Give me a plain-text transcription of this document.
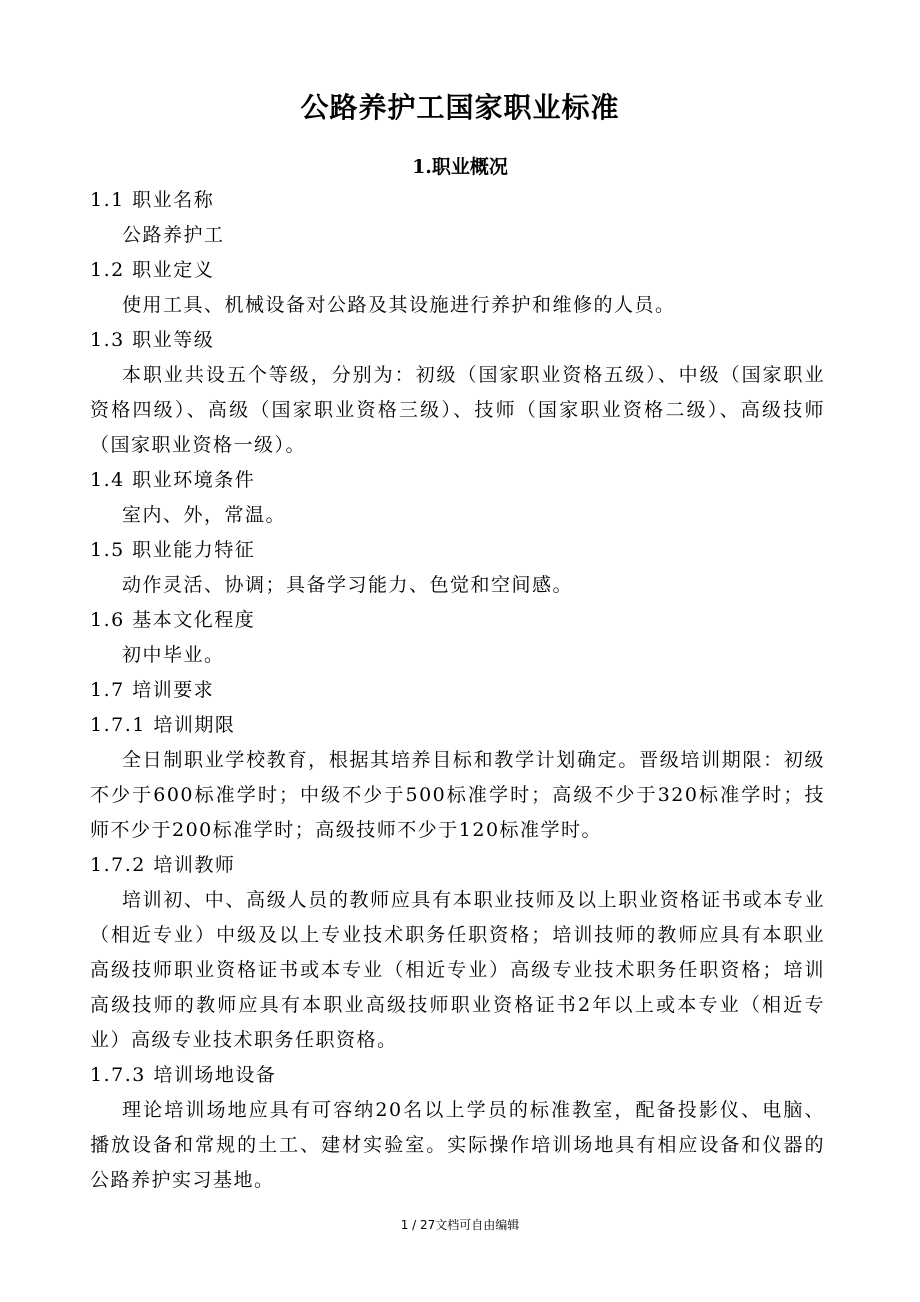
公路养护工国家职业标准
1.职业概况
1.1 职业名称
公路养护工
1.2 职业定义
使用工具、机械设备对公路及其设施进行养护和维修的人员。
1.3 职业等级
本职业共设五个等级，分别为：初级（国家职业资格五级）、中级（国家职业资格四级）、高级（国家职业资格三级）、技师（国家职业资格二级）、高级技师（国家职业资格一级）。
1.4 职业环境条件
室内、外，常温。
1.5 职业能力特征
动作灵活、协调；具备学习能力、色觉和空间感。
1.6 基本文化程度
初中毕业。
1.7 培训要求
1.7.1 培训期限
全日制职业学校教育，根据其培养目标和教学计划确定。晋级培训期限：初级不少于600标准学时；中级不少于500标准学时；高级不少于320标准学时；技师不少于200标准学时；高级技师不少于120标准学时。
1.7.2 培训教师
培训初、中、高级人员的教师应具有本职业技师及以上职业资格证书或本专业（相近专业）中级及以上专业技术职务任职资格；培训技师的教师应具有本职业高级技师职业资格证书或本专业（相近专业）高级专业技术职务任职资格；培训高级技师的教师应具有本职业高级技师职业资格证书2年以上或本专业（相近专业）高级专业技术职务任职资格。
1.7.3 培训场地设备
理论培训场地应具有可容纳20名以上学员的标准教室，配备投影仪、电脑、播放设备和常规的土工、建材实验室。实际操作培训场地具有相应设备和仪器的公路养护实习基地。
1 / 27文档可自由编辑
